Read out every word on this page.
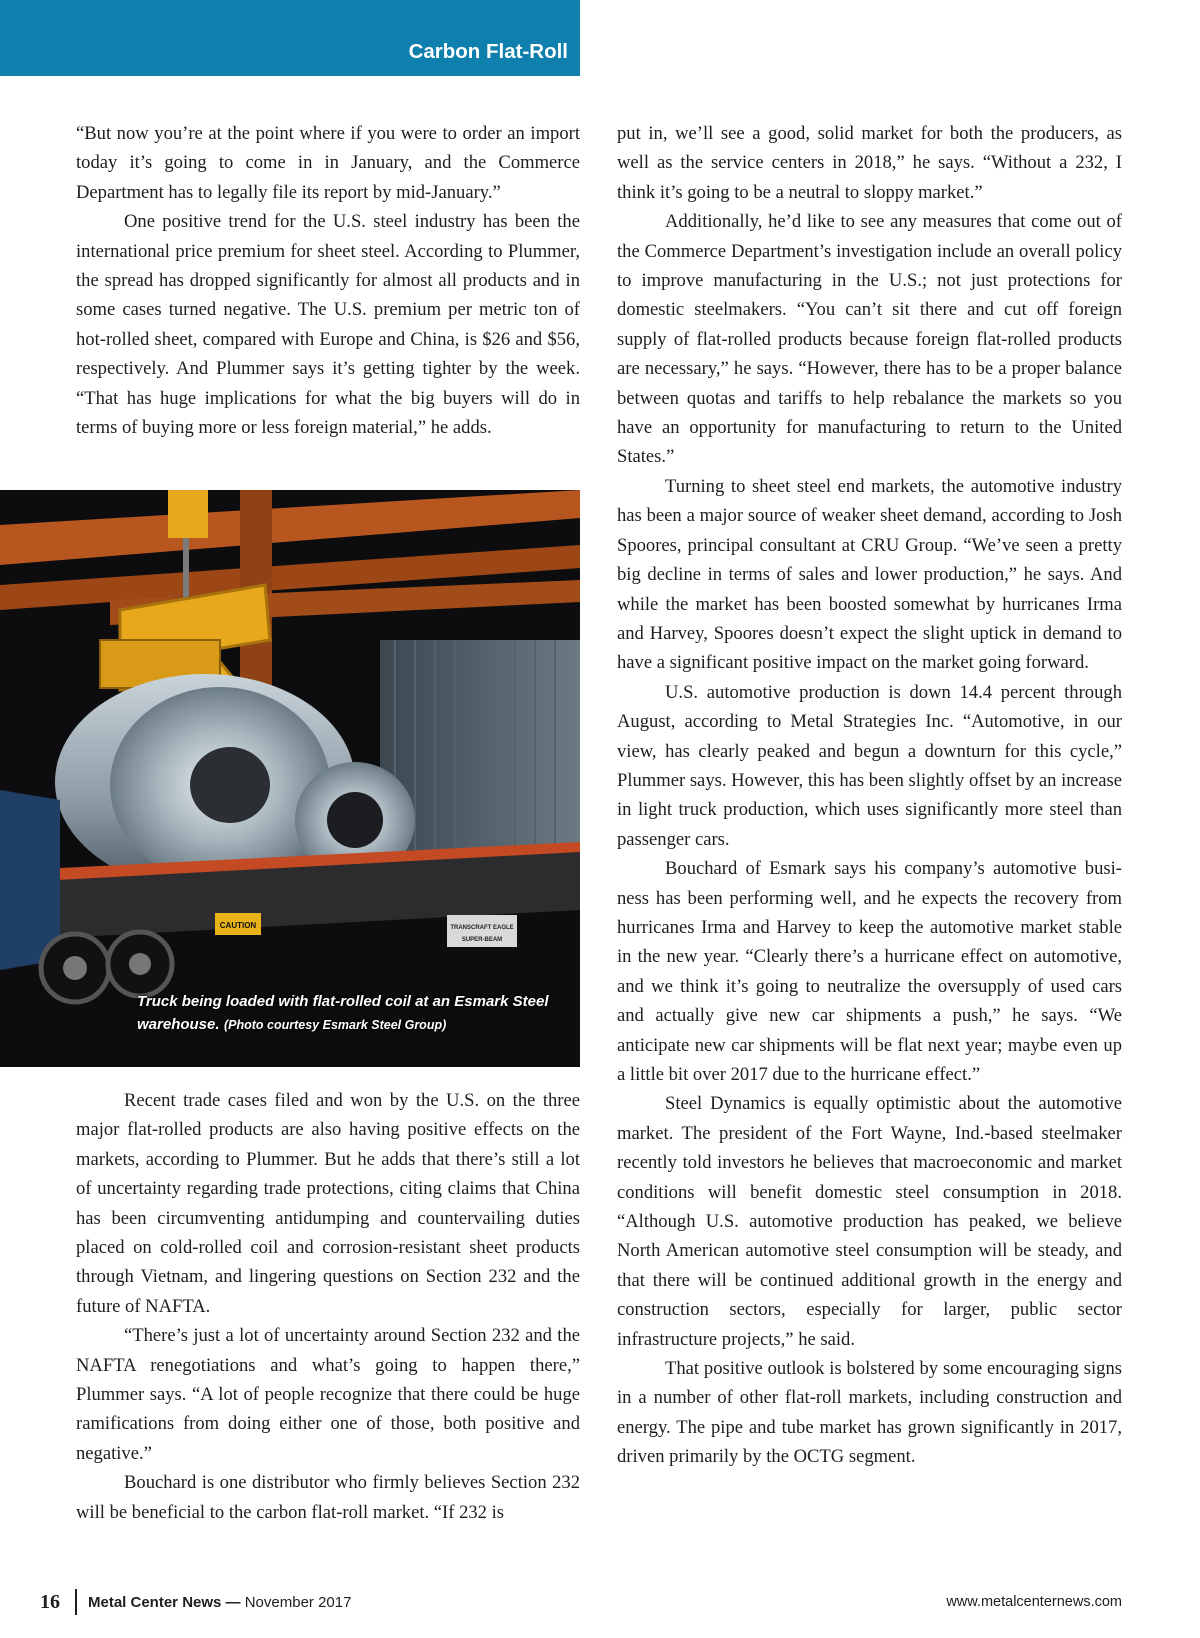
Carbon Flat-Roll

“But now you’re at the point where if you were to order an import today it’s going to come in in January, and the Commerce Department has to legally file its report by mid-January.”

One positive trend for the U.S. steel industry has been the international price premium for sheet steel. According to Plummer, the spread has dropped significantly for almost all products and in some cases turned negative. The U.S. premium per metric ton of hot-rolled sheet, compared with Europe and China, is $26 and $56, respectively. And Plummer says it’s getting tighter by the week. “That has huge implications for what the big buyers will do in terms of buying more or less foreign material,” he adds.

CAUTION	TRANSCRAFT EAGLE
SUPER-BEAM
Truck being loaded with flat-rolled coil at an Esmark Steel warehouse. (Photo courtesy Esmark Steel Group)

Recent trade cases filed and won by the U.S. on the three major flat-rolled products are also having positive effects on the markets, according to Plummer. But he adds that there’s still a lot of uncertainty regarding trade protections, citing claims that China has been circumventing antidumping and countervailing duties placed on cold-rolled coil and corrosion-resistant sheet products through Vietnam, and lingering questions on Section 232 and the future of NAFTA.

“There’s just a lot of uncertainty around Section 232 and the NAFTA renegotiations and what’s going to happen there,” Plummer says. “A lot of people recognize that there could be huge ramifications from doing either one of those, both positive and negative.”

Bouchard is one distributor who firmly believes Section 232 will be beneficial to the carbon flat-roll market. “If 232 is

put in, we’ll see a good, solid market for both the producers, as well as the service centers in 2018,” he says. “Without a 232, I think it’s going to be a neutral to sloppy market.”

Additionally, he’d like to see any measures that come out of the Commerce Department’s investigation include an overall policy to improve manufacturing in the U.S.; not just protections for domestic steelmakers. “You can’t sit there and cut off foreign supply of flat-rolled products because foreign flat-rolled products are necessary,” he says. “However, there has to be a proper balance between quotas and tariffs to help rebalance the markets so you have an opportunity for manufacturing to return to the United States.”

Turning to sheet steel end markets, the automotive industry has been a major source of weaker sheet demand, according to Josh Spoores, principal consultant at CRU Group. “We’ve seen a pretty big decline in terms of sales and lower production,” he says. And while the market has been boosted somewhat by hurricanes Irma and Harvey, Spoores doesn’t expect the slight uptick in demand to have a significant positive impact on the market going forward.

U.S. automotive production is down 14.4 percent through August, according to Metal Strategies Inc. “Automotive, in our view, has clearly peaked and begun a downturn for this cycle,” Plummer says. However, this has been slightly offset by an increase in light truck production, which uses significantly more steel than passenger cars.

Bouchard of Esmark says his company’s automotive business has been performing well, and he expects the recovery from hurricanes Irma and Harvey to keep the automotive market stable in the new year. “Clearly there’s a hurricane effect on automotive, and we think it’s going to neutralize the oversupply of used cars and actually give new car shipments a push,” he says. “We anticipate new car shipments will be flat next year; maybe even up a little bit over 2017 due to the hurricane effect.”

Steel Dynamics is equally optimistic about the automotive market. The president of the Fort Wayne, Ind.-based steelmaker recently told investors he believes that macroeconomic and market conditions will benefit domestic steel consumption in 2018. “Although U.S. automotive production has peaked, we believe North American automotive steel consumption will be steady, and that there will be continued additional growth in the energy and construction sectors, especially for larger, public sector infrastructure projects,” he said.

That positive outlook is bolstered by some encouraging signs in a number of other flat-roll markets, including construction and energy. The pipe and tube market has grown significantly in 2017, driven primarily by the OCTG segment.

16 Metal Center News — November 2017	www.metalcenternews.com
